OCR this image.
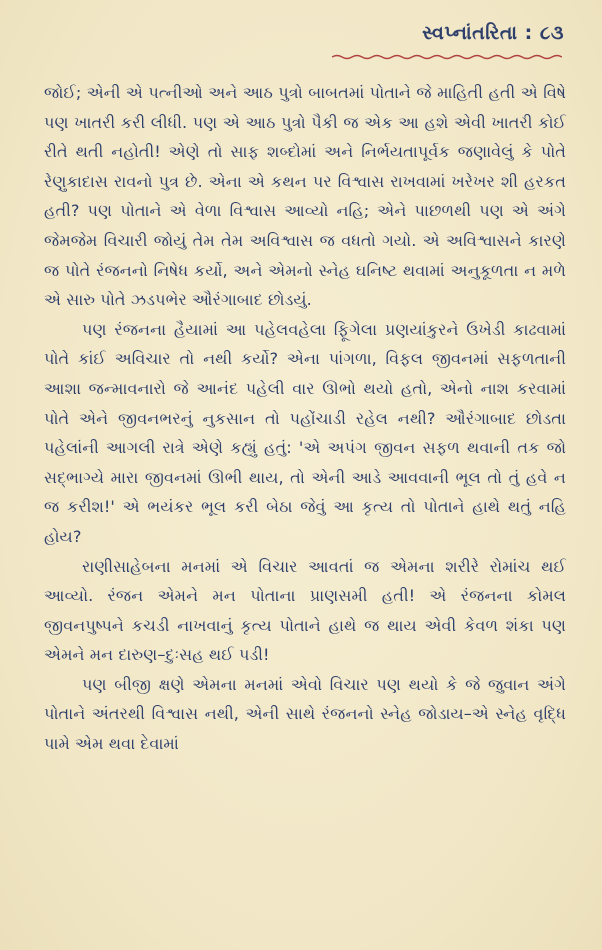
સ્વપ્નાંતરિતા : ૮૩

જોઈ; એની એ પત્નીઓ અને આઠ પુત્રો બાબતમાં પોતાને જે માહિતી હતી એ વિષે પણ ખાતરી કરી લીધી. પણ એ આઠ પુત્રો પૈકી જ એક આ હશે એવી ખાતરી કોઈ રીતે થતી નહોતી! એણે તો સાફ શબ્દોમાં અને નિર્ભયતાપૂર્વક જણાવેલું કે પોતે રેણુકાદાસ રાવનો પુત્ર છે. એના એ કથન પર વિશ્વાસ રાખવામાં ખરેખર શી હરકત હતી? પણ પોતાને એ વેળા વિશ્વાસ આવ્યો નહિ; એને પાછળથી પણ એ અંગે જેમજેમ વિચારી જોયું તેમ તેમ અવિશ્વાસ જ વધતો ગયો. એ અવિશ્વાસને કારણે જ પોતે રંજનનો નિષેધ કર્યો, અને એમનો સ્નેહ ઘનિષ્ટ થવામાં અનુકૂળતા ન મળે એ સારુ પોતે ઝડપભેર ઔરંગાબાદ છોડયું.

પણ રંજનના હૈયામાં આ પહેલવહેલા ફૂિગેલા પ્રણયાંકુરને ઉખેડી કાઢવામાં પોતે કાંઈ અવિચાર તો નથી કર્યો? એના પાંગળા, વિફલ જીવનમાં સફળતાની આશા જન્માવનારો જે આનંદ પહેલી વાર ઊભો થયો હતો, એનો નાશ કરવામાં પોતે એને જીવનભરનું નુકસાન તો પહોંચાડી રહેલ નથી? ઔરંગાબાદ છોડતા પહેલાંની આગલી રાત્રે એણે કહ્યું હતું: 'એ અપંગ જીવન સફળ થવાની તક જો સદ્ભાગ્યે મારા જીવનમાં ઊભી થાય, તો એની આડે આવવાની ભૂલ તો તું હવે ન જ કરીશ!' એ ભયંકર ભૂલ કરી બેઠા જેવું આ કૃત્ય તો પોતાને હાથે થતું નહિ હોય?

રાણીસાહેબના મનમાં એ વિચાર આવતાં જ એમના શરીરે રોમાંચ થઈ આવ્યો. રંજન એમને મન પોતાના પ્રાણસમી હતી! એ રંજનના કોમલ જીવનપુષ્પને કચડી નાખવાનું કૃત્ય પોતાને હાથે જ થાય એવી કેવળ શંકા પણ એમને મન દારુણ–દુઃસહ થઈ પડી!

પણ બીજી ક્ષણે એમના મનમાં એવો વિચાર પણ થયો કે જે જુવાન અંગે પોતાને અંતરથી વિશ્વાસ નથી, એની સાથે રંજનનો સ્નેહ જોડાય–એ સ્નેહ વૃદ્ધિ પામે એમ થવા દેવામાં
